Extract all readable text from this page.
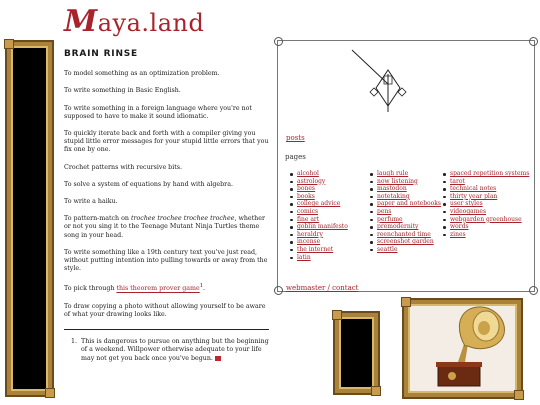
Maya.land
BRAIN RINSE

To model something as an optimization problem.

To write something in Basic English.

To write something in a foreign language where you're not supposed to have to make it sound idiomatic.

To quickly iterate back and forth with a compiler giving you stupid little error messages for your stupid little errors that you fix one by one.

Crochet patterns with recursive bits.

To solve a system of equations by hand with algebra.

To write a haiku.

To pattern-match on trochee trochee trochee trochee, whether or not you sing it to the Teenage Mutant Ninja Turtles theme song in your head.

To write something like a 19th century text you've just read, without putting intention into pulling towards or away from the style.

To pick through this theorem prover game$^1$.

To draw copying a photo without allowing yourself to be aware of what your drawing looks like.

1. This is dangerous to pursue on anything but the beginning of a weekend. Willpower otherwise adequate to your life may not get you back once you've begun.
posts
pages
alcohol
astrology
bones
books
college advice
comics
fine art
goblin manifesto
heraldry
incense
the internet
latin
laugh rule
now listening
mastodon
notetaking
paper and notebooks
pens
perfume
premodernity
reenchanted time
screenshot garden
seattle
spaced repetition systems
tarot
technical notes
thirty year plan
user styles
videogames
webgarden greenhouse
words
zines
webmaster / contact
